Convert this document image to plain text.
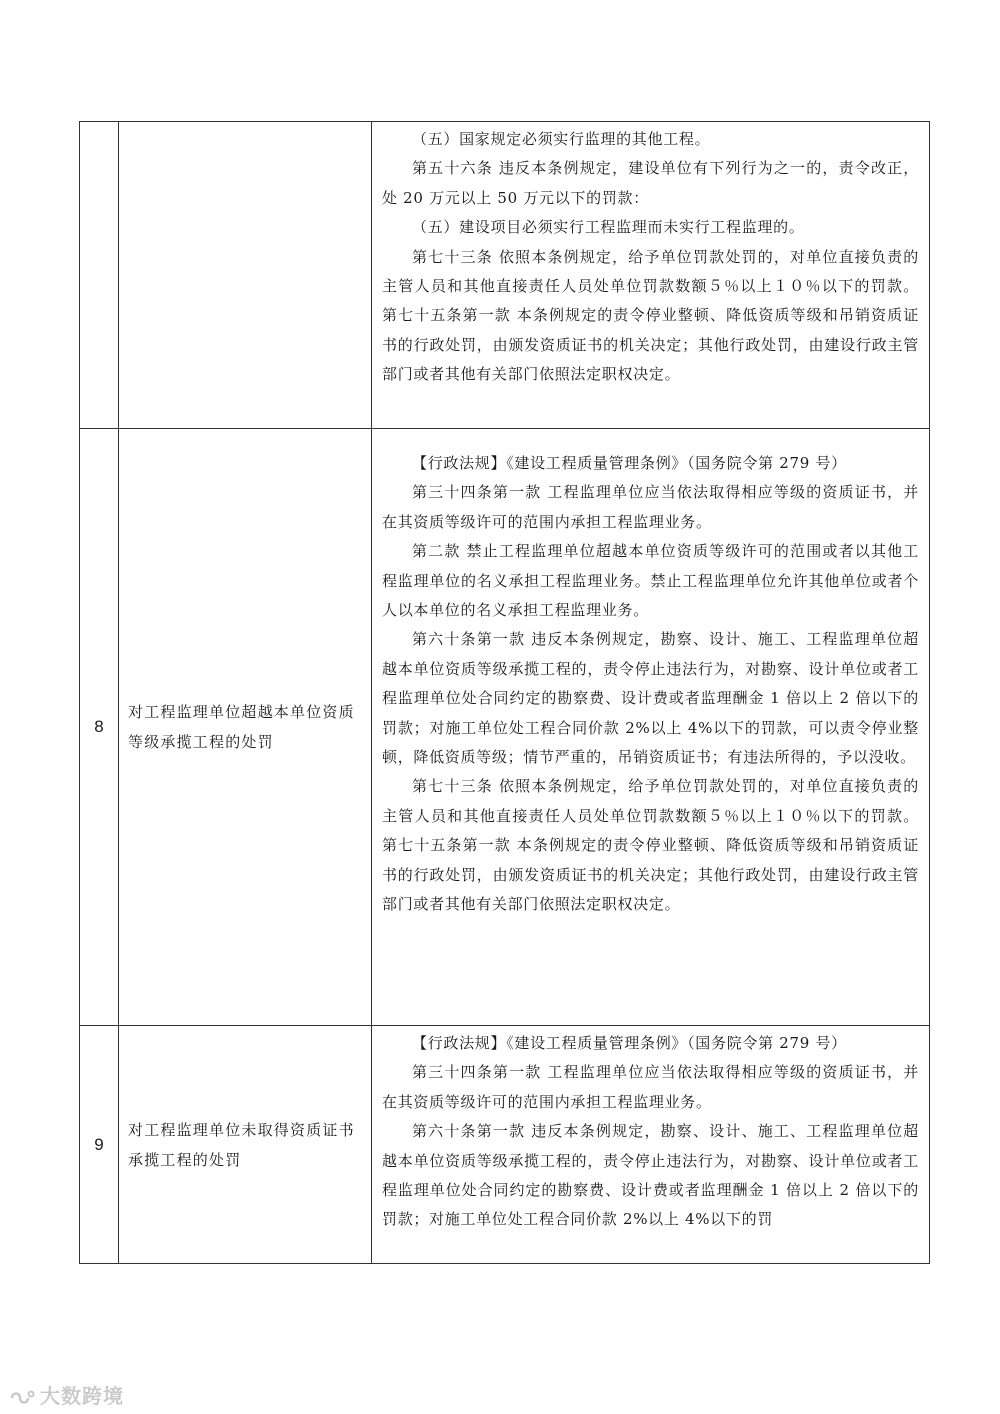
		（五）国家规定必须实行监理的其他工程。

第五十六条 违反本条例规定，建设单位有下列行为之一的，责令改正，处 20 万元以上 50 万元以下的罚款：

（五）建设项目必须实行工程监理而未实行工程监理的。

第七十三条 依照本条例规定，给予单位罚款处罚的，对单位直接负责的主管人员和其他直接责任人员处单位罚款数额５％以上１０％以下的罚款。 第七十五条第一款 本条例规定的责令停业整顿、降低资质等级和吊销资质证书的行政处罚，由颁发资质证书的机关决定；其他行政处罚，由建设行政主管部门或者其他有关部门依照法定职权决定。

8	对工程监理单位超越本单位资质等级承揽工程的处罚	【行政法规】《建设工程质量管理条例》（国务院令第 279 号）

第三十四条第一款 工程监理单位应当依法取得相应等级的资质证书，并在其资质等级许可的范围内承担工程监理业务。

第二款 禁止工程监理单位超越本单位资质等级许可的范围或者以其他工程监理单位的名义承担工程监理业务。禁止工程监理单位允许其他单位或者个人以本单位的名义承担工程监理业务。

第六十条第一款 违反本条例规定，勘察、设计、施工、工程监理单位超越本单位资质等级承揽工程的，责令停止违法行为，对勘察、设计单位或者工程监理单位处合同约定的勘察费、设计费或者监理酬金 1 倍以上 2 倍以下的罚款；对施工单位处工程合同价款 2%以上 4%以下的罚款，可以责令停业整顿，降低资质等级；情节严重的，吊销资质证书；有违法所得的，予以没收。

第七十三条 依照本条例规定，给予单位罚款处罚的，对单位直接负责的主管人员和其他直接责任人员处单位罚款数额５％以上１０％以下的罚款。 第七十五条第一款 本条例规定的责令停业整顿、降低资质等级和吊销资质证书的行政处罚，由颁发资质证书的机关决定；其他行政处罚，由建设行政主管部门或者其他有关部门依照法定职权决定。

9	对工程监理单位未取得资质证书承揽工程的处罚	【行政法规】《建设工程质量管理条例》（国务院令第 279 号）

第三十四条第一款 工程监理单位应当依法取得相应等级的资质证书，并在其资质等级许可的范围内承担工程监理业务。

第六十条第一款 违反本条例规定，勘察、设计、施工、工程监理单位超越本单位资质等级承揽工程的，责令停止违法行为，对勘察、设计单位或者工程监理单位处合同约定的勘察费、设计费或者监理酬金 1 倍以上 2 倍以下的罚款；对施工单位处工程合同价款 2%以上 4%以下的罚

大数跨境
